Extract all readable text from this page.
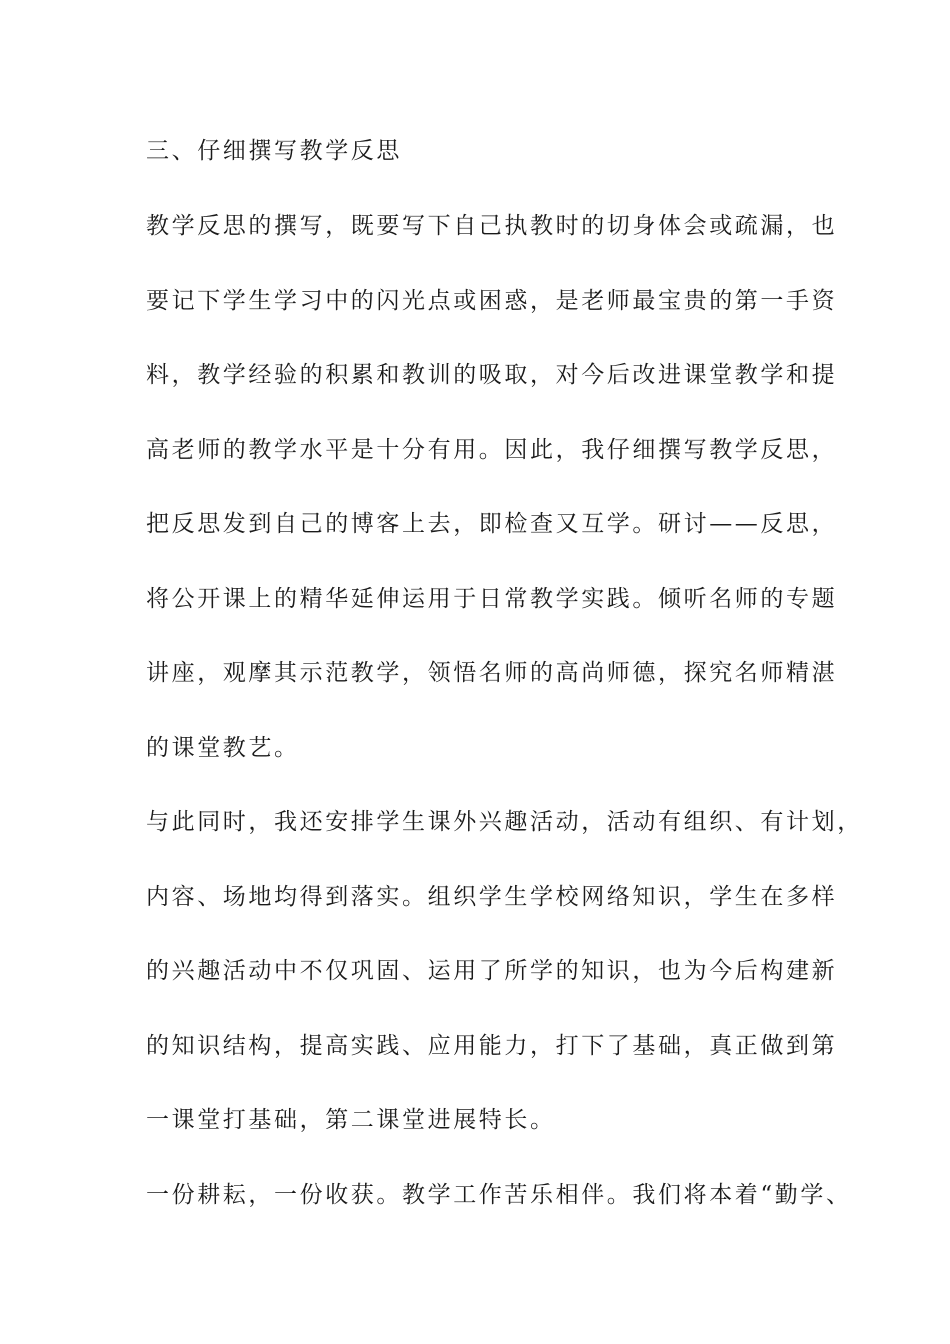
三、仔细撰写教学反思
教学反思的撰写，既要写下自己执教时的切身体会或疏漏，也
要记下学生学习中的闪光点或困惑，是老师最宝贵的第一手资
料，教学经验的积累和教训的吸取，对今后改进课堂教学和提
高老师的教学水平是十分有用。因此，我仔细撰写教学反思，
把反思发到自己的博客上去，即检查又互学。研讨——反思，
将公开课上的精华延伸运用于日常教学实践。倾听名师的专题
讲座，观摩其示范教学，领悟名师的高尚师德，探究名师精湛
的课堂教艺。
与此同时，我还安排学生课外兴趣活动，活动有组织、有计划，
内容、场地均得到落实。组织学生学校网络知识，学生在多样
的兴趣活动中不仅巩固、运用了所学的知识，也为今后构建新
的知识结构，提高实践、应用能力，打下了基础，真正做到第
一课堂打基础，第二课堂进展特长。
一份耕耘，一份收获。教学工作苦乐相伴。我们将本着“勤学、
